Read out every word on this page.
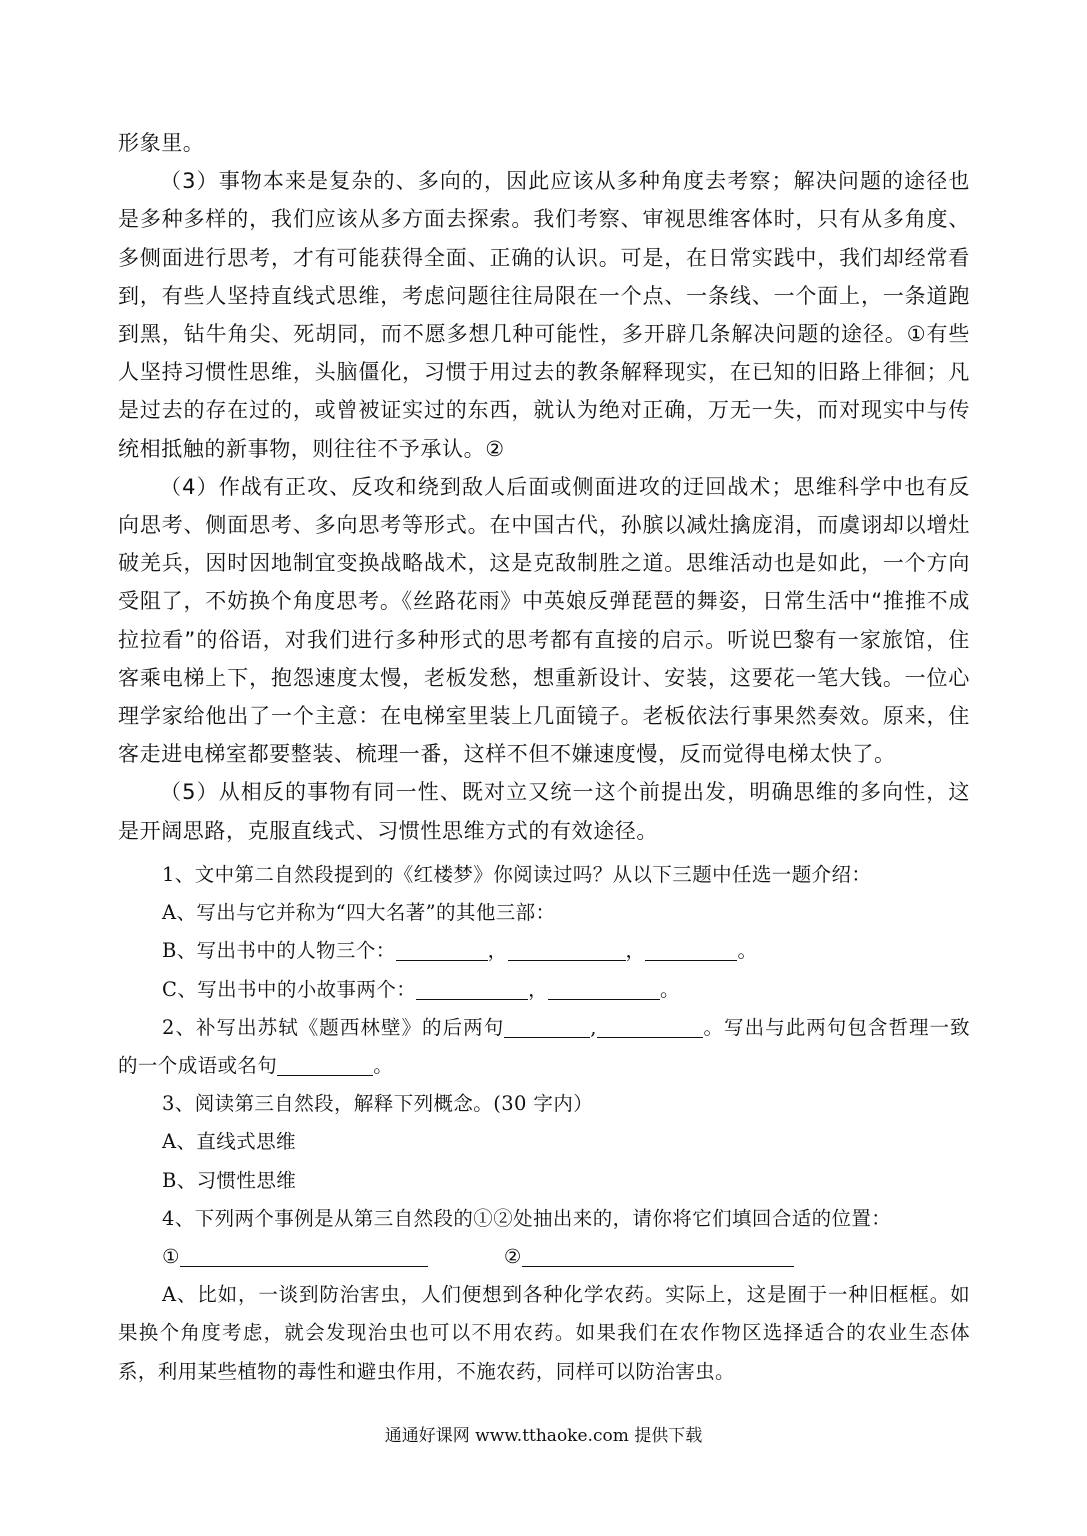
形象里。

（3）事物本来是复杂的、多向的，因此应该从多种角度去考察；解决问题的途径也是多种多样的，我们应该从多方面去探索。我们考察、审视思维客体时，只有从多角度、多侧面进行思考，才有可能获得全面、正确的认识。可是，在日常实践中，我们却经常看到，有些人坚持直线式思维，考虑问题往往局限在一个点、一条线、一个面上，一条道跑到黑，钻牛角尖、死胡同，而不愿多想几种可能性，多开辟几条解决问题的途径。①有些人坚持习惯性思维，头脑僵化，习惯于用过去的教条解释现实，在已知的旧路上徘徊；凡是过去的存在过的，或曾被证实过的东西，就认为绝对正确，万无一失，而对现实中与传统相抵触的新事物，则往往不予承认。②

（4）作战有正攻、反攻和绕到敌人后面或侧面进攻的迂回战术；思维科学中也有反向思考、侧面思考、多向思考等形式。在中国古代，孙膑以减灶擒庞涓，而虞诩却以增灶破羌兵，因时因地制宜变换战略战术，这是克敌制胜之道。思维活动也是如此，一个方向受阻了，不妨换个角度思考。《丝路花雨》中英娘反弹琵琶的舞姿，日常生活中“推推不成拉拉看”的俗语，对我们进行多种形式的思考都有直接的启示。听说巴黎有一家旅馆，住客乘电梯上下，抱怨速度太慢，老板发愁，想重新设计、安装，这要花一笔大钱。一位心理学家给他出了一个主意：在电梯室里装上几面镜子。老板依法行事果然奏效。原来，住客走进电梯室都要整装、梳理一番，这样不但不嫌速度慢，反而觉得电梯太快了。

（5）从相反的事物有同一性、既对立又统一这个前提出发，明确思维的多向性，这是开阔思路，克服直线式、习惯性思维方式的有效途径。

1、文中第二自然段提到的《红楼梦》你阅读过吗？从以下三题中任选一题介绍：

A、写出与它并称为“四大名著”的其他三部：

B、写出书中的人物三个：	，	，	。

C、写出书中的小故事两个：	，	。

2、补写出苏轼《题西林壁》的后两句	,	。写出与此两句包含哲理一致的一个成语或名句	。

3、阅读第三自然段，解释下列概念。(30 字内）

A、直线式思维

B、习惯性思维

4、下列两个事例是从第三自然段的①②处抽出来的，请你将它们填回合适的位置：

①	②

A、比如，一谈到防治害虫，人们便想到各种化学农药。实际上，这是囿于一种旧框框。如果换个角度考虑，就会发现治虫也可以不用农药。如果我们在农作物区选择适合的农业生态体系，利用某些植物的毒性和避虫作用，不施农药，同样可以防治害虫。

通通好课网 www.tthaoke.com 提供下载
